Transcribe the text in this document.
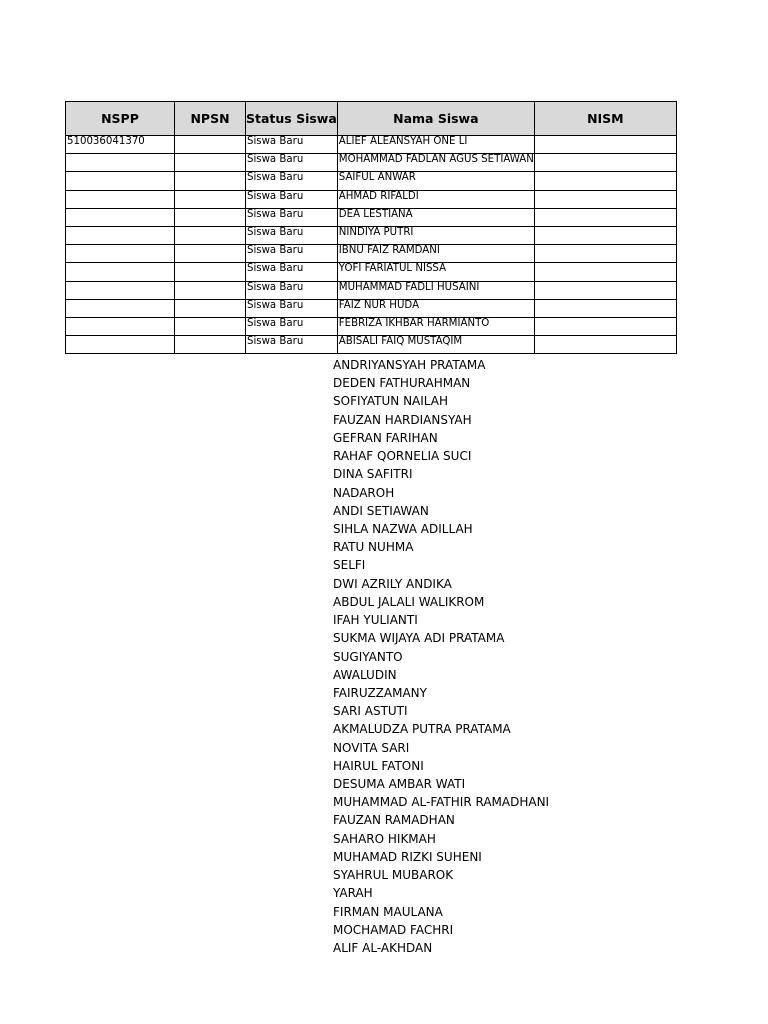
NSPP	NPSN	Status Siswa	Nama Siswa	NISM
510036041370		Siswa Baru	ALIEF ALEANSYAH ONE LI	
		Siswa Baru	MOHAMMAD FADLAN AGUS SETIAWAN	
		Siswa Baru	SAIFUL ANWAR	
		Siswa Baru	AHMAD RIFALDI	
		Siswa Baru	DEA LESTIANA	
		Siswa Baru	NINDIYA PUTRI	
		Siswa Baru	IBNU FAIZ RAMDANI	
		Siswa Baru	YOFI FARIATUL NISSA	
		Siswa Baru	MUHAMMAD FADLI HUSAINI	
		Siswa Baru	FAIZ NUR HUDA	
		Siswa Baru	FEBRIZA IKHBAR HARMIANTO	
		Siswa Baru	ABISALI FAIQ MUSTAQIM	
ANDRIYANSYAH PRATAMA
DEDEN FATHURAHMAN
SOFIYATUN NAILAH
FAUZAN HARDIANSYAH
GEFRAN FARIHAN
RAHAF QORNELIA SUCI
DINA SAFITRI
NADAROH
ANDI SETIAWAN
SIHLA NAZWA ADILLAH
RATU NUHMA
SELFI
DWI AZRILY ANDIKA
ABDUL JALALI WALIKROM
IFAH YULIANTI
SUKMA WIJAYA ADI PRATAMA
SUGIYANTO
AWALUDIN
FAIRUZZAMANY
SARI ASTUTI
AKMALUDZA PUTRA PRATAMA
NOVITA SARI
HAIRUL FATONI
DESUMA AMBAR WATI
MUHAMMAD AL-FATHIR RAMADHANI
FAUZAN RAMADHAN
SAHARO HIKMAH
MUHAMAD RIZKI SUHENI
SYAHRUL MUBAROK
YARAH
FIRMAN MAULANA
MOCHAMAD FACHRI
ALIF AL-AKHDAN
